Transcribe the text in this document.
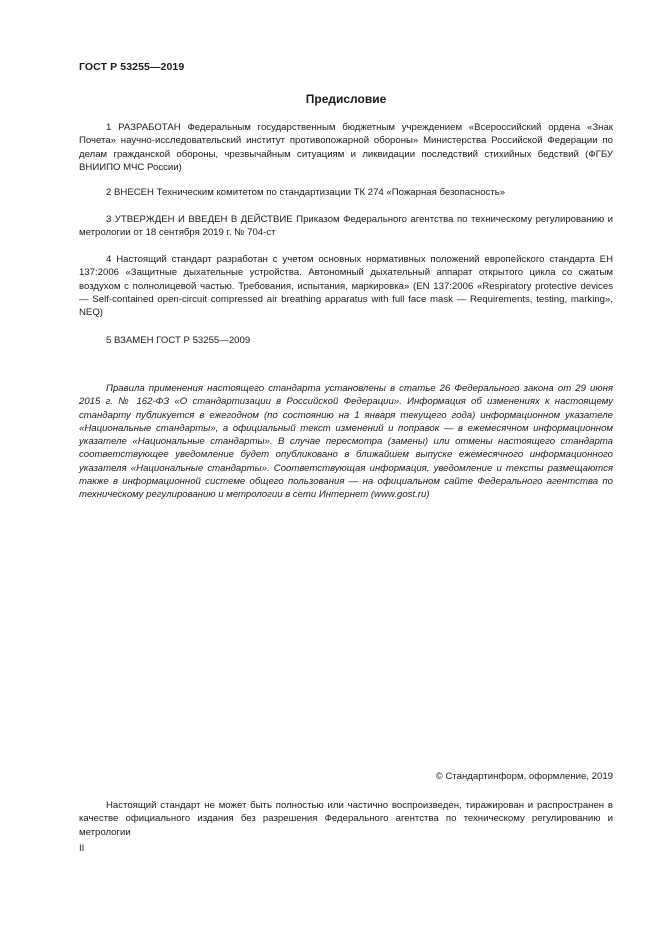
ГОСТ Р 53255—2019
Предисловие

1 РАЗРАБОТАН Федеральным государственным бюджетным учреждением «Всероссийский ордена «Знак Почета» научно-исследовательский институт противопожарной обороны» Министерства Российской Федерации по делам гражданской обороны, чрезвычайным ситуациям и ликвидации последствий стихийных бедствий (ФГБУ ВНИИПО МЧС России)

2 ВНЕСЕН Техническим комитетом по стандартизации ТК 274 «Пожарная безопасность»

3 УТВЕРЖДЕН И ВВЕДЕН В ДЕЙСТВИЕ Приказом Федерального агентства по техническому регулированию и метрологии от 18 сентября 2019 г. № 704-ст

4 Настоящий стандарт разработан с учетом основных нормативных положений европейского стандарта ЕН 137:2006 «Защитные дыхательные устройства. Автономный дыхательный аппарат открытого цикла со сжатым воздухом с полнолицевой частью. Требования, испытания, маркировка» (EN 137:2006 «Respiratory protective devices — Self-contained open-circuit compressed air breathing apparatus with full face mask — Requirements, testing, marking», NEQ)

5 ВЗАМЕН ГОСТ Р 53255—2009

Правила применения настоящего стандарта установлены в статье 26 Федерального закона от 29 июня 2015 г. № 162-ФЗ «О стандартизации в Российской Федерации». Информация об изменениях к настоящему стандарту публикуется в ежегодном (по состоянию на 1 января текущего года) информационном указателе «Национальные стандарты», а официальный текст изменений и поправок — в ежемесячном информационном указателе «Национальные стандарты». В случае пересмотра (замены) или отмены настоящего стандарта соответствующее уведомление будет опубликовано в ближайшем выпуске ежемесячного информационного указателя «Национальные стандарты». Соответствующая информация, уведомление и тексты размещаются также в информационной системе общего пользования — на официальном сайте Федерального агентства по техническому регулированию и метрологии в сети Интернет (www.gost.ru)

© Стандартинформ, оформление, 2019

Настоящий стандарт не может быть полностью или частично воспроизведен, тиражирован и распространен в качестве официального издания без разрешения Федерального агентства по техническому регулированию и метрологии

II
